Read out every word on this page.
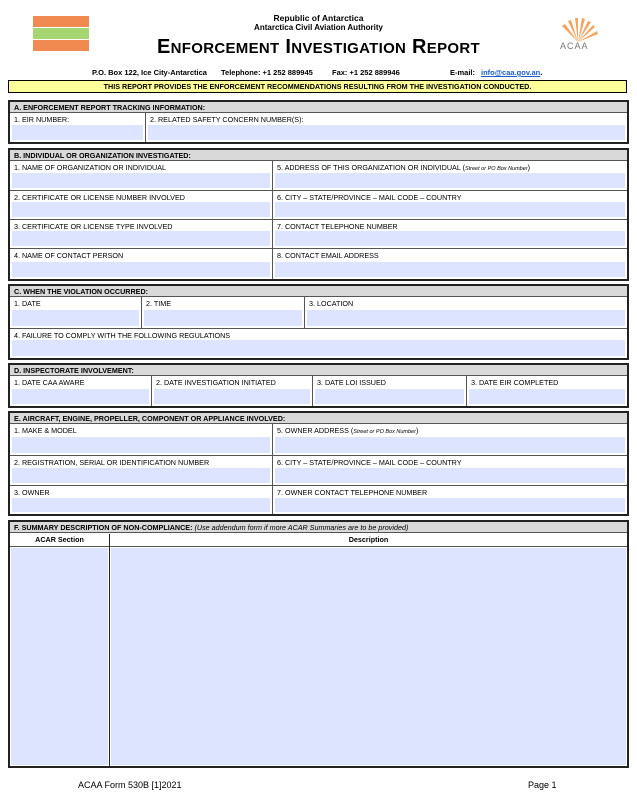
Republic of Antarctica
Antarctica Civil Aviation Authority
ENFORCEMENT INVESTIGATION REPORT	ACAA
P.O. Box 122, Ice City-Antarctica Telephone: +1 252 889945	Fax: +1 252 889946	E-mail: info@caa.gov.an.
THIS REPORT PROVIDES THE ENFORCEMENT RECOMMENDATIONS RESULTING FROM THE INVESTIGATION CONDUCTED.
A. ENFORCEMENT REPORT TRACKING INFORMATION:
1. EIR NUMBER:	2. RELATED SAFETY CONCERN NUMBER(S):
B. INDIVIDUAL OR ORGANIZATION INVESTIGATED:
1. NAME OF ORGANIZATION OR INDIVIDUAL	5. ADDRESS OF THIS ORGANIZATION OR INDIVIDUAL (Street or PO Box Number)
2. CERTIFICATE OR LICENSE NUMBER INVOLVED	6. CITY – STATE/PROVINCE – MAIL CODE – COUNTRY
3. CERTIFICATE OR LICENSE TYPE INVOLVED	7. CONTACT TELEPHONE NUMBER
4. NAME OF CONTACT PERSON	8. CONTACT EMAIL ADDRESS
C. WHEN THE VIOLATION OCCURRED:
1. DATE	2. TIME	3. LOCATION
4. FAILURE TO COMPLY WITH THE FOLLOWING REGULATIONS
D. INSPECTORATE INVOLVEMENT:
1. DATE CAA AWARE	2. DATE INVESTIGATION INITIATED	3. DATE LOI ISSUED	3. DATE EIR COMPLETED
E. AIRCRAFT, ENGINE, PROPELLER, COMPONENT OR APPLIANCE INVOLVED:
1. MAKE & MODEL	5. OWNER ADDRESS (Street or PO Box Number)
2. REGISTRATION, SERIAL OR IDENTIFICATION NUMBER	6. CITY – STATE/PROVINCE – MAIL CODE – COUNTRY
3. OWNER	7. OWNER CONTACT TELEPHONE NUMBER
F. SUMMARY DESCRIPTION OF NON-COMPLIANCE: (Use addendum form if more ACAR Summaries are to be provided)
ACAR Section	Description
ACAA Form 530B [1]2021	Page 1
